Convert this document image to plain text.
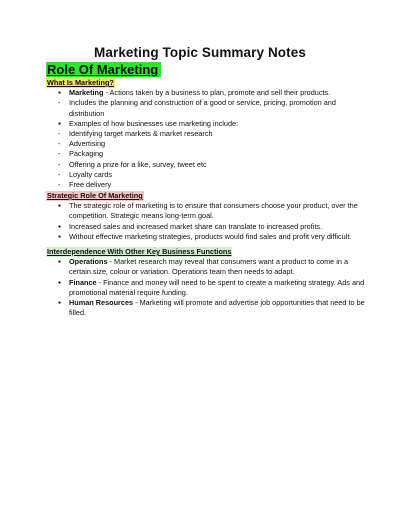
Marketing Topic Summary Notes
Role Of Marketing
What Is Marketing?
●
Marketing - Actions taken by a business to plan, promote and sell their products.
-
Includes the planning and construction of a good or service, pricing, promotion and distribution
●
Examples of how businesses use marketing include:
-
Identifying target markets & market research
-
Advertising
-
Packaging
-
Offering a prize for a like, survey, tweet etc
-
Loyalty cards
-
Free delivery
Strategic Role Of Marketing
●
The strategic role of marketing is to ensure that consumers choose your product, over the competition. Strategic means long-term goal.
●
Increased sales and increased market share can translate to increased profits.
●
Without effective marketing strategies, products would find sales and profit very difficult.
Interdependence With Other Key Business Functions
●
Operations - Market research may reveal that consumers want a product to come in a certain size, colour or variation. Operations team then needs to adapt.
●
Finance - Finance and money will need to be spent to create a marketing strategy. Ads and promotional material require funding.
●
Human Resources - Marketing will promote and advertise job opportunities that need to be filled.
